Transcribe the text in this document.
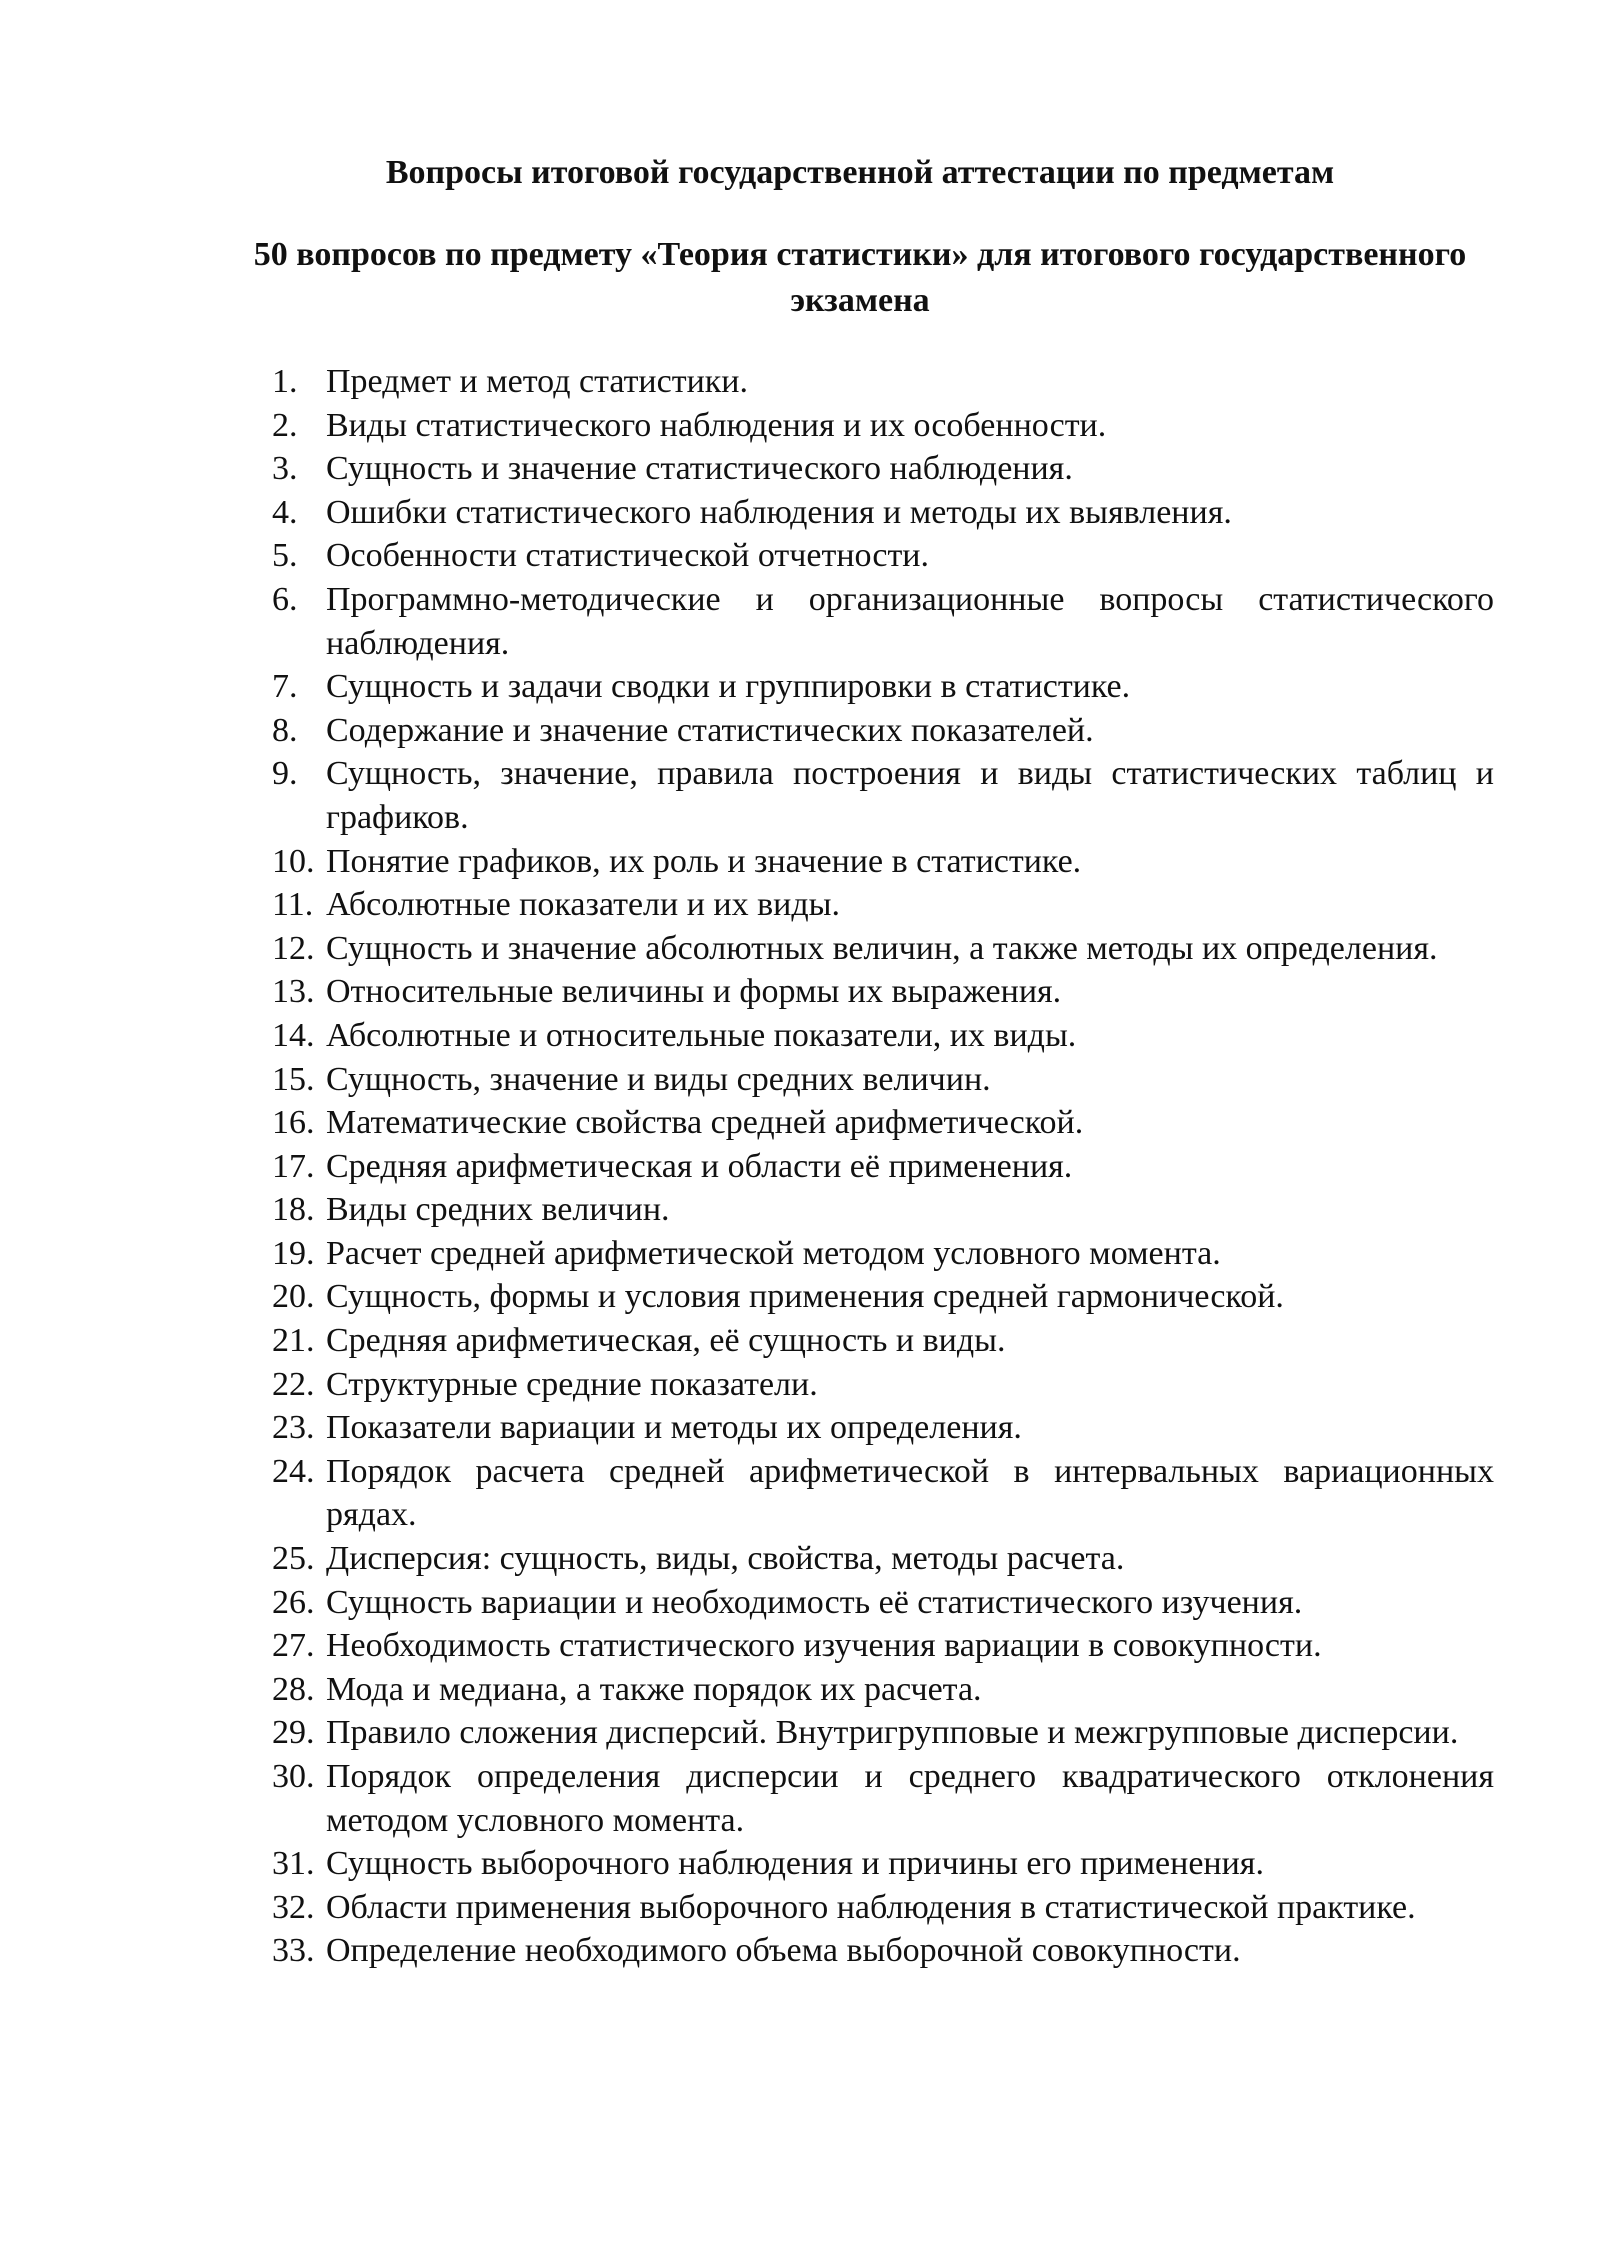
Вопросы итоговой государственной аттестации по предметам
50 вопросов по предмету «Теория статистики» для итогового государственного экзамена
1. Предмет и метод статистики.
2. Виды статистического наблюдения и их особенности.
3. Сущность и значение статистического наблюдения.
4. Ошибки статистического наблюдения и методы их выявления.
5. Особенности статистической отчетности.
6. Программно-методические и организационные вопросы статистического наблюдения.
7. Сущность и задачи сводки и группировки в статистике.
8. Содержание и значение статистических показателей.
9. Сущность, значение, правила построения и виды статистических таблиц и графиков.
10. Понятие графиков, их роль и значение в статистике.
11. Абсолютные показатели и их виды.
12. Сущность и значение абсолютных величин, а также методы их определения.
13. Относительные величины и формы их выражения.
14. Абсолютные и относительные показатели, их виды.
15. Сущность, значение и виды средних величин.
16. Математические свойства средней арифметической.
17. Средняя арифметическая и области её применения.
18. Виды средних величин.
19. Расчет средней арифметической методом условного момента.
20. Сущность, формы и условия применения средней гармонической.
21. Средняя арифметическая, её сущность и виды.
22. Структурные средние показатели.
23. Показатели вариации и методы их определения.
24. Порядок расчета средней арифметической в интервальных вариационных рядах.
25. Дисперсия: сущность, виды, свойства, методы расчета.
26. Сущность вариации и необходимость её статистического изучения.
27. Необходимость статистического изучения вариации в совокупности.
28. Мода и медиана, а также порядок их расчета.
29. Правило сложения дисперсий. Внутригрупповые и межгрупповые дисперсии.
30. Порядок определения дисперсии и среднего квадратического отклонения методом условного момента.
31. Сущность выборочного наблюдения и причины его применения.
32. Области применения выборочного наблюдения в статистической практике.
33. Определение необходимого объема выборочной совокупности.
